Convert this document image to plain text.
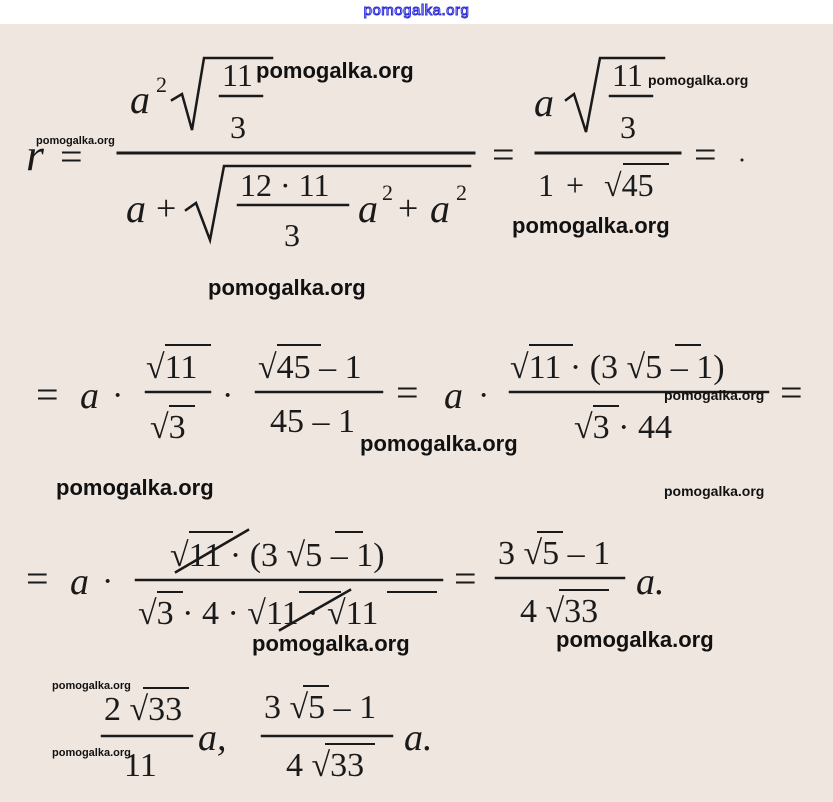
pomogalka.org
r =
a 2 11
3
a +
12 · 11
3
a 2 + a 2
=
a
11
3
1 + √45
=
= a ·
√11
√3
·
√45 – 1
45 – 1
= a ·
√11 · (3 √5 – 1)
√3 · 44
=
= a ·
√11 · (3 √5 – 1)
√3 · 4 · √11 · √11
=
3 √5 – 1
4 √33
a.
2 √33
11
a,
3 √5 – 1
4 √33
a.
pomogalka.org	pomogalka.org
pomogalka.org
pomogalka.org
pomogalka.org
pomogalka.org
pomogalka.org
pomogalka.org	pomogalka.org
pomogalka.org	pomogalka.org
pomogalka.org
pomogalka.org
